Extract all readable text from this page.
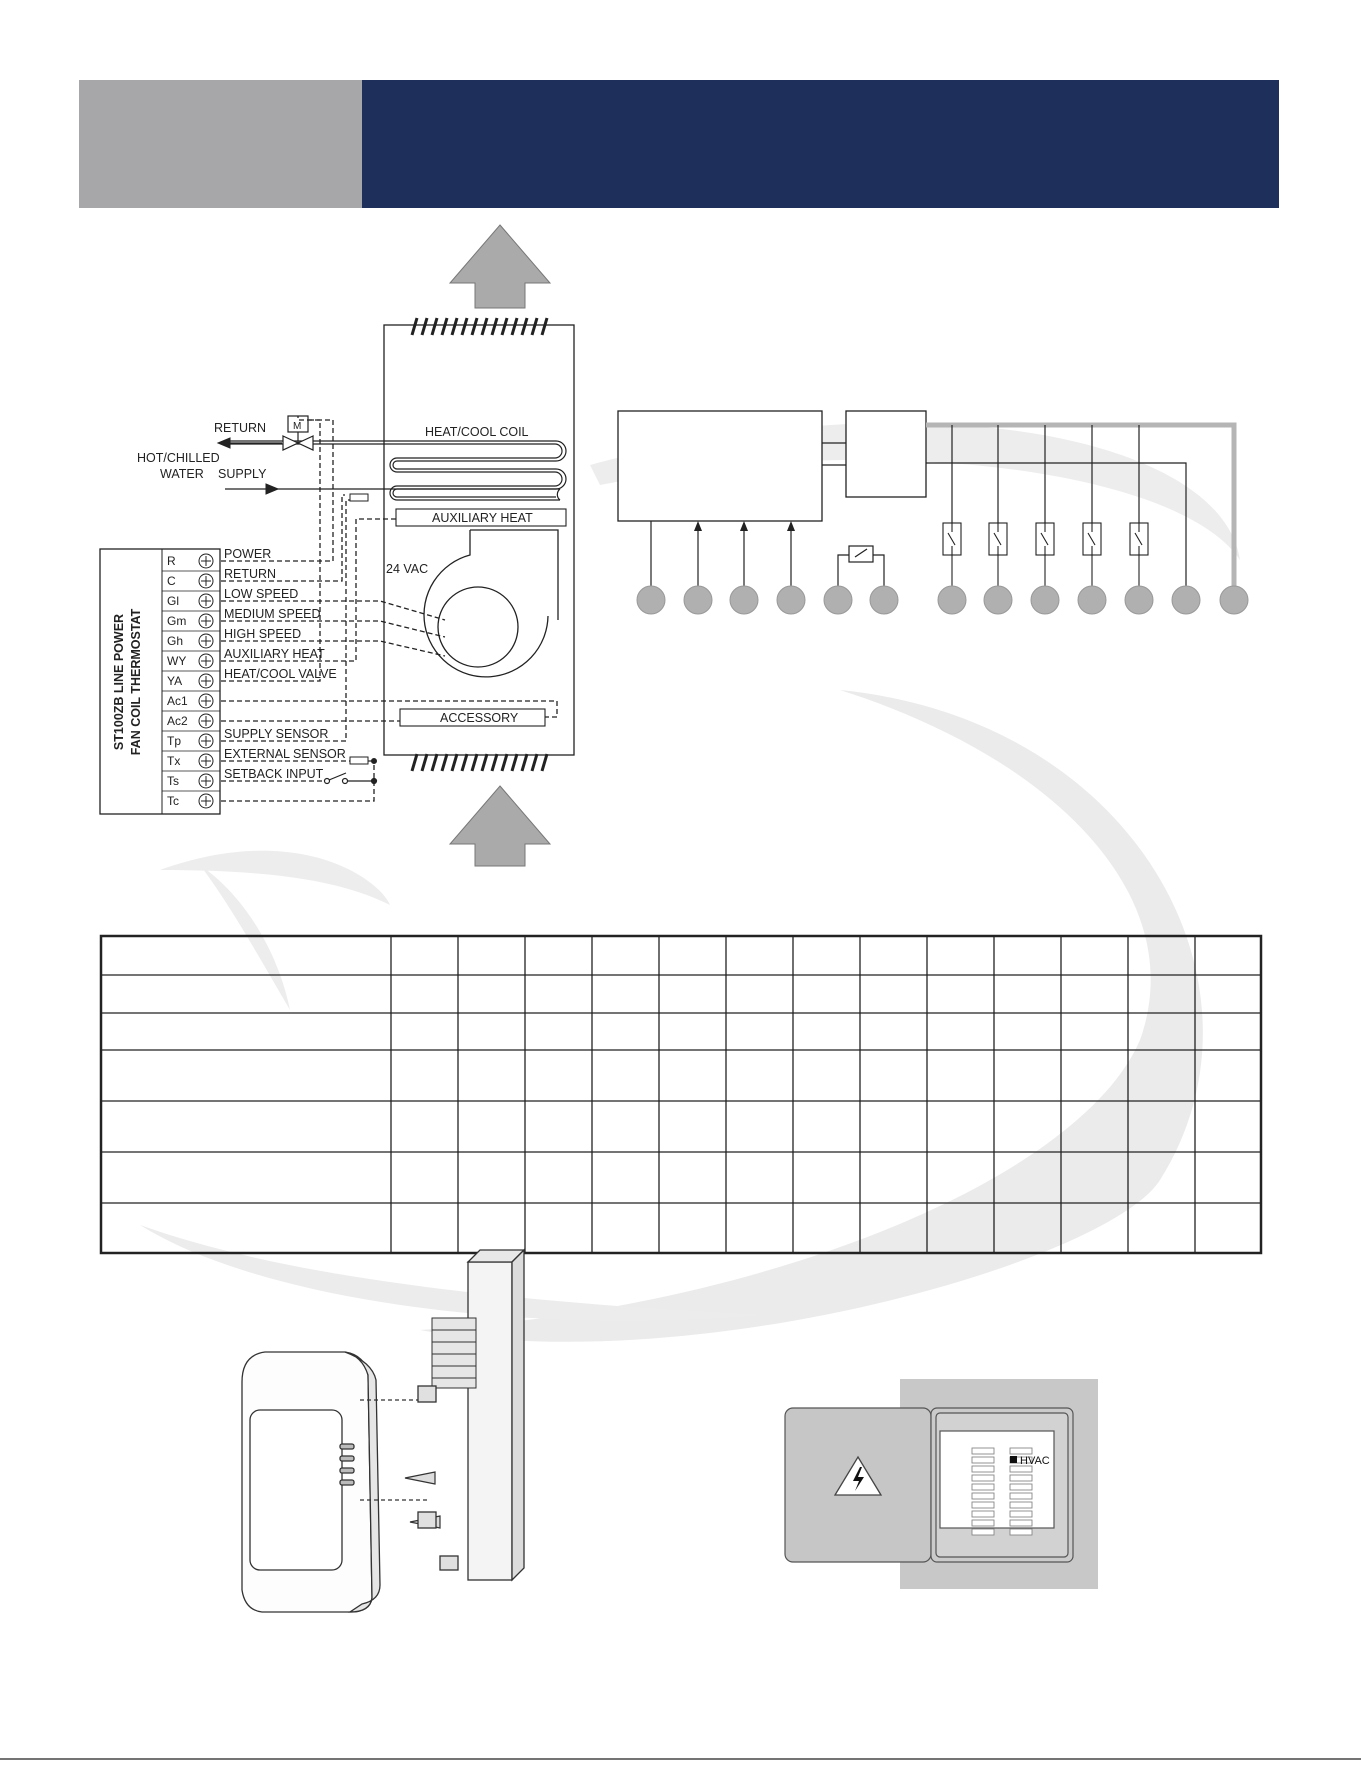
HEAT/COOL COIL
RETURN
SUPPLY
HOT/CHILLED
WATER
M
AUXILIARY HEAT
ACCESSORY
24 VAC
ST100ZB LINE POWER FAN COIL THERMOSTAT
R	POWER
C	RETURN
Gl	LOW SPEED
Gm	MEDIUM SPEED
Gh	HIGH SPEED
WY	AUXILIARY HEAT
YA	HEAT/COOL VALVE
Ac1
Ac2
Tp	SUPPLY SENSOR
Tx	EXTERNAL SENSOR
Ts	SETBACK INPUT
Tc
HVAC
